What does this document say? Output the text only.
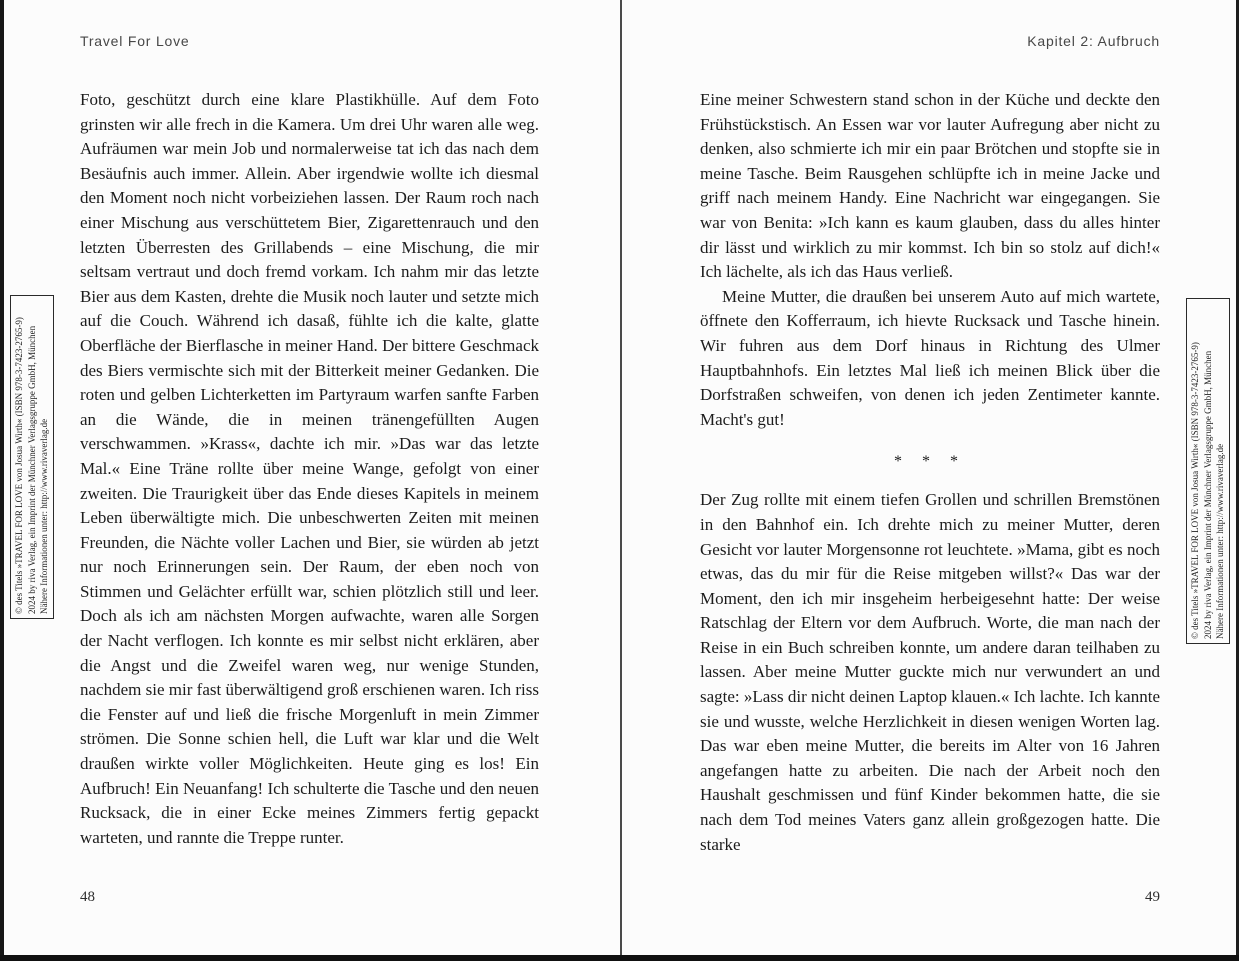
Travel For Love

Foto, geschützt durch eine klare Plastikhülle. Auf dem Foto grinsten wir alle frech in die Kamera. Um drei Uhr waren alle weg. Aufräumen war mein Job und normalerweise tat ich das nach dem Besäufnis auch immer. Allein. Aber irgendwie wollte ich diesmal den Moment noch nicht vorbeiziehen lassen. Der Raum roch nach einer Mischung aus verschüttetem Bier, Zigarettenrauch und den letzten Überresten des Grillabends – eine Mischung, die mir seltsam vertraut und doch fremd vorkam. Ich nahm mir das letzte Bier aus dem Kasten, drehte die Musik noch lauter und setzte mich auf die Couch. Während ich dasaß, fühlte ich die kalte, glatte Oberfläche der Bierflasche in meiner Hand. Der bittere Geschmack des Biers vermischte sich mit der Bitterkeit meiner Gedanken. Die roten und gelben Lichterketten im Partyraum warfen sanfte Farben an die Wände, die in meinen tränengefüllten Augen verschwammen. »Krass«, dachte ich mir. »Das war das letzte Mal.« Eine Träne rollte über meine Wange, gefolgt von einer zweiten. Die Traurigkeit über das Ende dieses Kapitels in meinem Leben überwältigte mich. Die unbeschwerten Zeiten mit meinen Freunden, die Nächte voller Lachen und Bier, sie würden ab jetzt nur noch Erinnerungen sein. Der Raum, der eben noch von Stimmen und Gelächter erfüllt war, schien plötzlich still und leer. Doch als ich am nächsten Morgen aufwachte, waren alle Sorgen der Nacht verflogen. Ich konnte es mir selbst nicht erklären, aber die Angst und die Zweifel waren weg, nur wenige Stunden, nachdem sie mir fast überwältigend groß erschienen waren. Ich riss die Fenster auf und ließ die frische Morgenluft in mein Zimmer strömen. Die Sonne schien hell, die Luft war klar und die Welt draußen wirkte voller Möglichkeiten. Heute ging es los! Ein Aufbruch! Ein Neuanfang! Ich schulterte die Tasche und den neuen Rucksack, die in einer Ecke meines Zimmers fertig gepackt warteten, und rannte die Treppe runter.

48
Kapitel 2: Aufbruch

Eine meiner Schwestern stand schon in der Küche und deckte den Frühstückstisch. An Essen war vor lauter Aufregung aber nicht zu denken, also schmierte ich mir ein paar Brötchen und stopfte sie in meine Tasche. Beim Rausgehen schlüpfte ich in meine Jacke und griff nach meinem Handy. Eine Nachricht war eingegangen. Sie war von Benita: »Ich kann es kaum glauben, dass du alles hinter dir lässt und wirklich zu mir kommst. Ich bin so stolz auf dich!« Ich lächelte, als ich das Haus verließ.

Meine Mutter, die draußen bei unserem Auto auf mich wartete, öffnete den Kofferraum, ich hievte Rucksack und Tasche hinein. Wir fuhren aus dem Dorf hinaus in Richtung des Ulmer Hauptbahnhofs. Ein letztes Mal ließ ich meinen Blick über die Dorfstraßen schweifen, von denen ich jeden Zentimeter kannte. Macht's gut!

* * *

Der Zug rollte mit einem tiefen Grollen und schrillen Bremstönen in den Bahnhof ein. Ich drehte mich zu meiner Mutter, deren Gesicht vor lauter Morgensonne rot leuchtete. »Mama, gibt es noch etwas, das du mir für die Reise mitgeben willst?« Das war der Moment, den ich mir insgeheim herbeigesehnt hatte: Der weise Ratschlag der Eltern vor dem Aufbruch. Worte, die man nach der Reise in ein Buch schreiben konnte, um andere daran teilhaben zu lassen. Aber meine Mutter guckte mich nur verwundert an und sagte: »Lass dir nicht deinen Laptop klauen.« Ich lachte. Ich kannte sie und wusste, welche Herzlichkeit in diesen wenigen Worten lag. Das war eben meine Mutter, die bereits im Alter von 16 Jahren angefangen hatte zu arbeiten. Die nach der Arbeit noch den Haushalt geschmissen und fünf Kinder bekommen hatte, die sie nach dem Tod meines Vaters ganz allein großgezogen hatte. Die starke

49
© des Titels »TRAVEL FOR LOVE von Josua Wirth« (ISBN 978-3-7423-2765-9) 2024 by riva Verlag, ein Imprint der Münchner Verlagsgruppe GmbH, München Nähere Informationen unter: http://www.rivaverlag.de	© des Titels »TRAVEL FOR LOVE von Josua Wirth« (ISBN 978-3-7423-2765-9) 2024 by riva Verlag, ein Imprint der Münchner Verlagsgruppe GmbH, München Nähere Informationen unter: http://www.rivaverlag.de
